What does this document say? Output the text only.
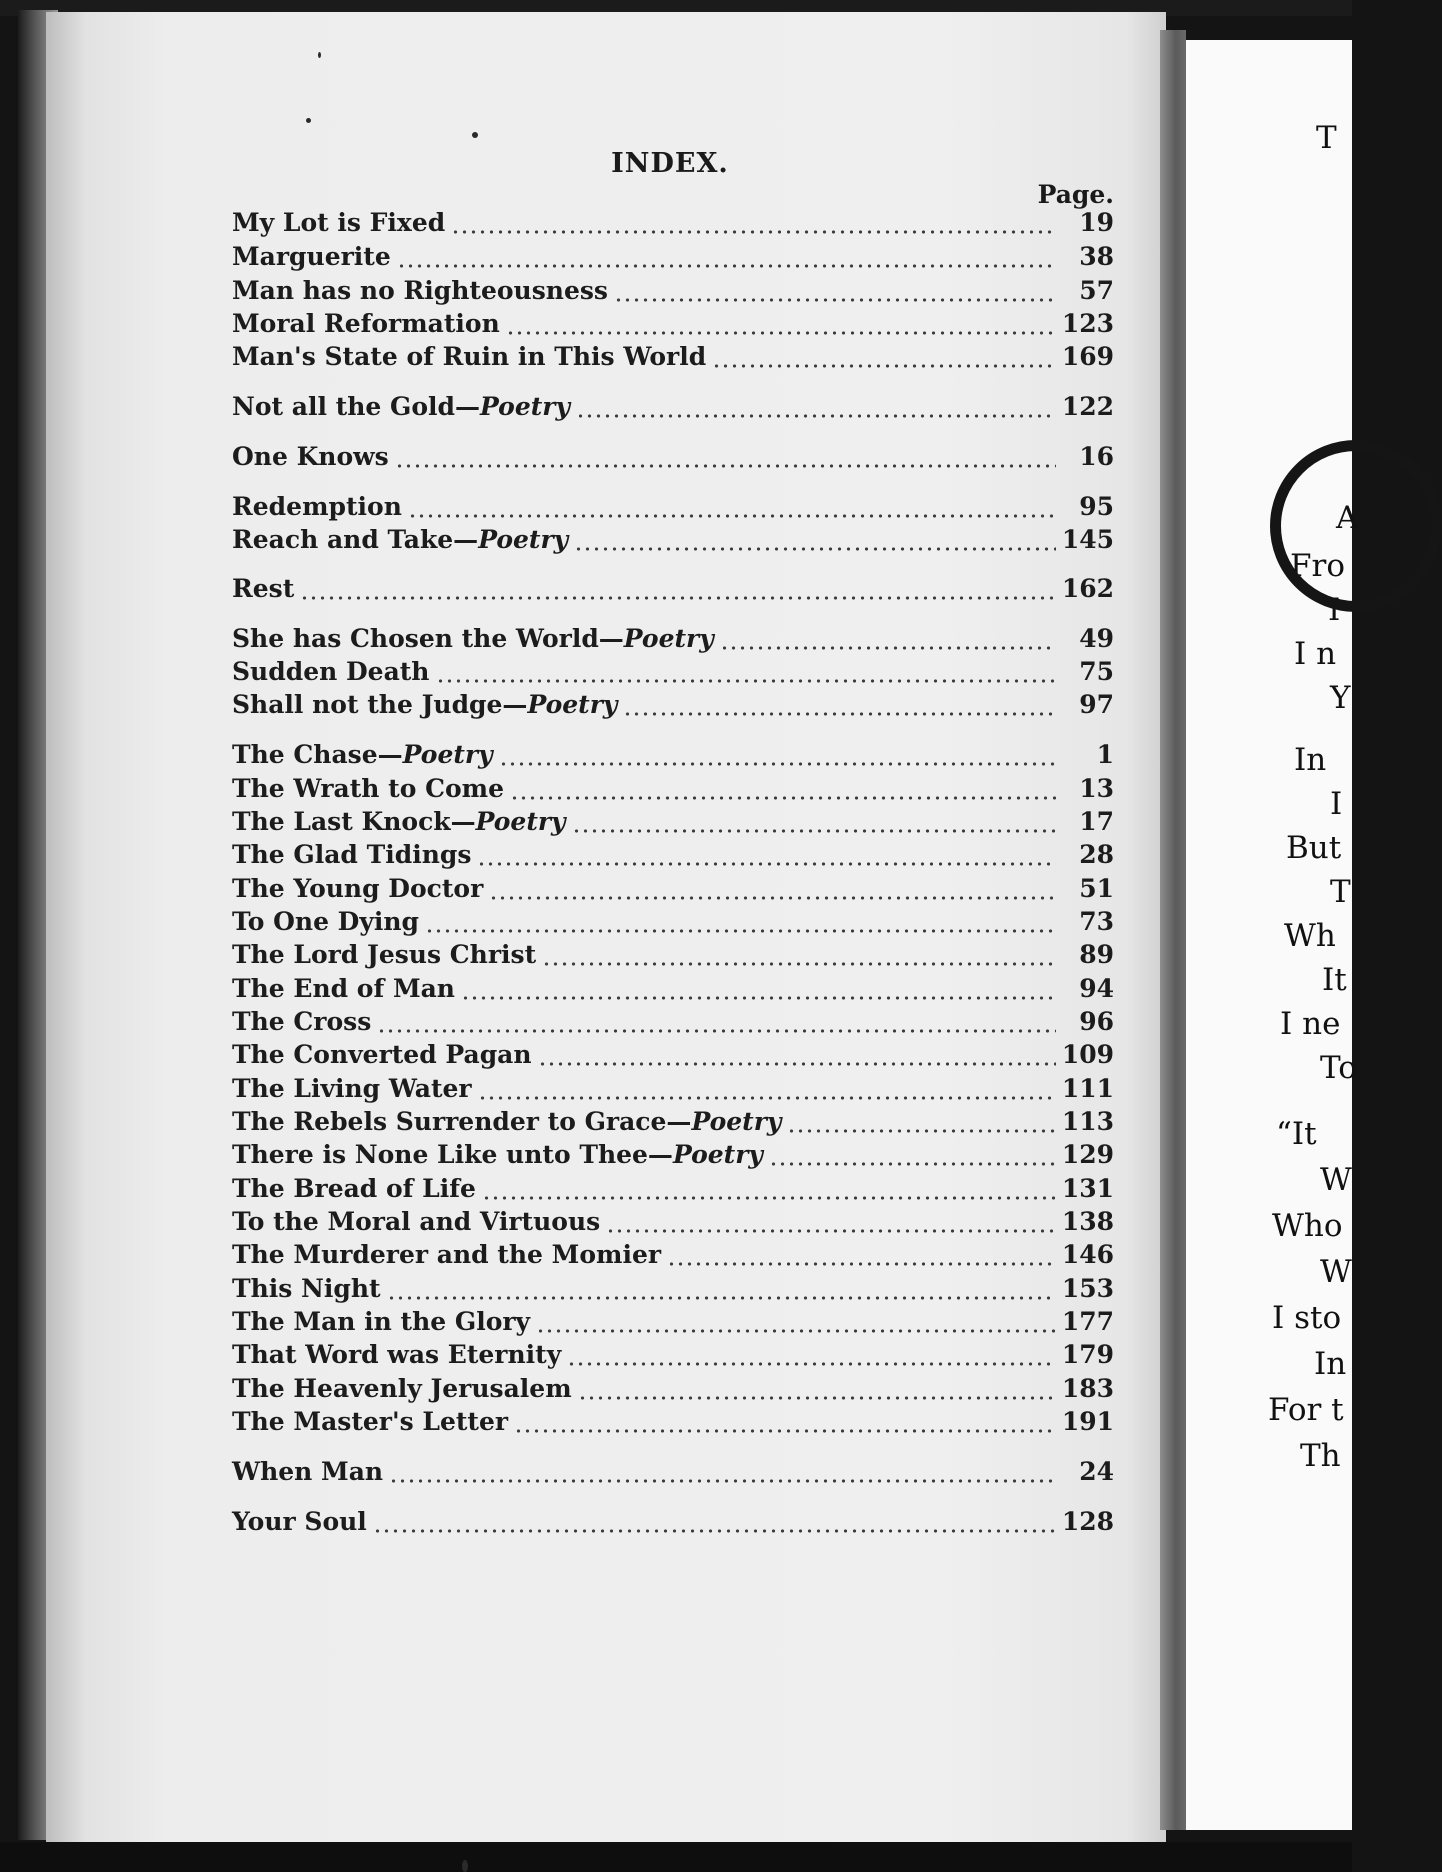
INDEX.
Page.
My Lot is Fixed	19
Marguerite	38
Man has no Righteousness	57
Moral Reformation	123
Man's State of Ruin in This World	169
Not all the Gold— Poetry	122
One Knows	16
Redemption	95
Reach and Take— Poetry	145
Rest	162
She has Chosen the World— Poetry	49
Sudden Death	75
Shall not the Judge— Poetry	97
The Chase— Poetry	1
The Wrath to Come	13
The Last Knock— Poetry	17
The Glad Tidings	28
The Young Doctor	51
To One Dying	73
The Lord Jesus Christ	89
The End of Man	94
The Cross	96
The Converted Pagan	109
The Living Water	111
The Rebels Surrender to Grace— Poetry	113
There is None Like unto Thee— Poetry	129
The Bread of Life	131
To the Moral and Virtuous	138
The Murderer and the Momier	146
This Night	153
The Man in the Glory	177
That Word was Eternity	179
The Heavenly Jerusalem	183
The Master's Letter	191
When Man	24
Your Soul	128
T
A
Fro
I
I n
Y
In
I
But
T
Wh
It
I ne
To
“It
W
Who
W
I sto
In
For t
Th
